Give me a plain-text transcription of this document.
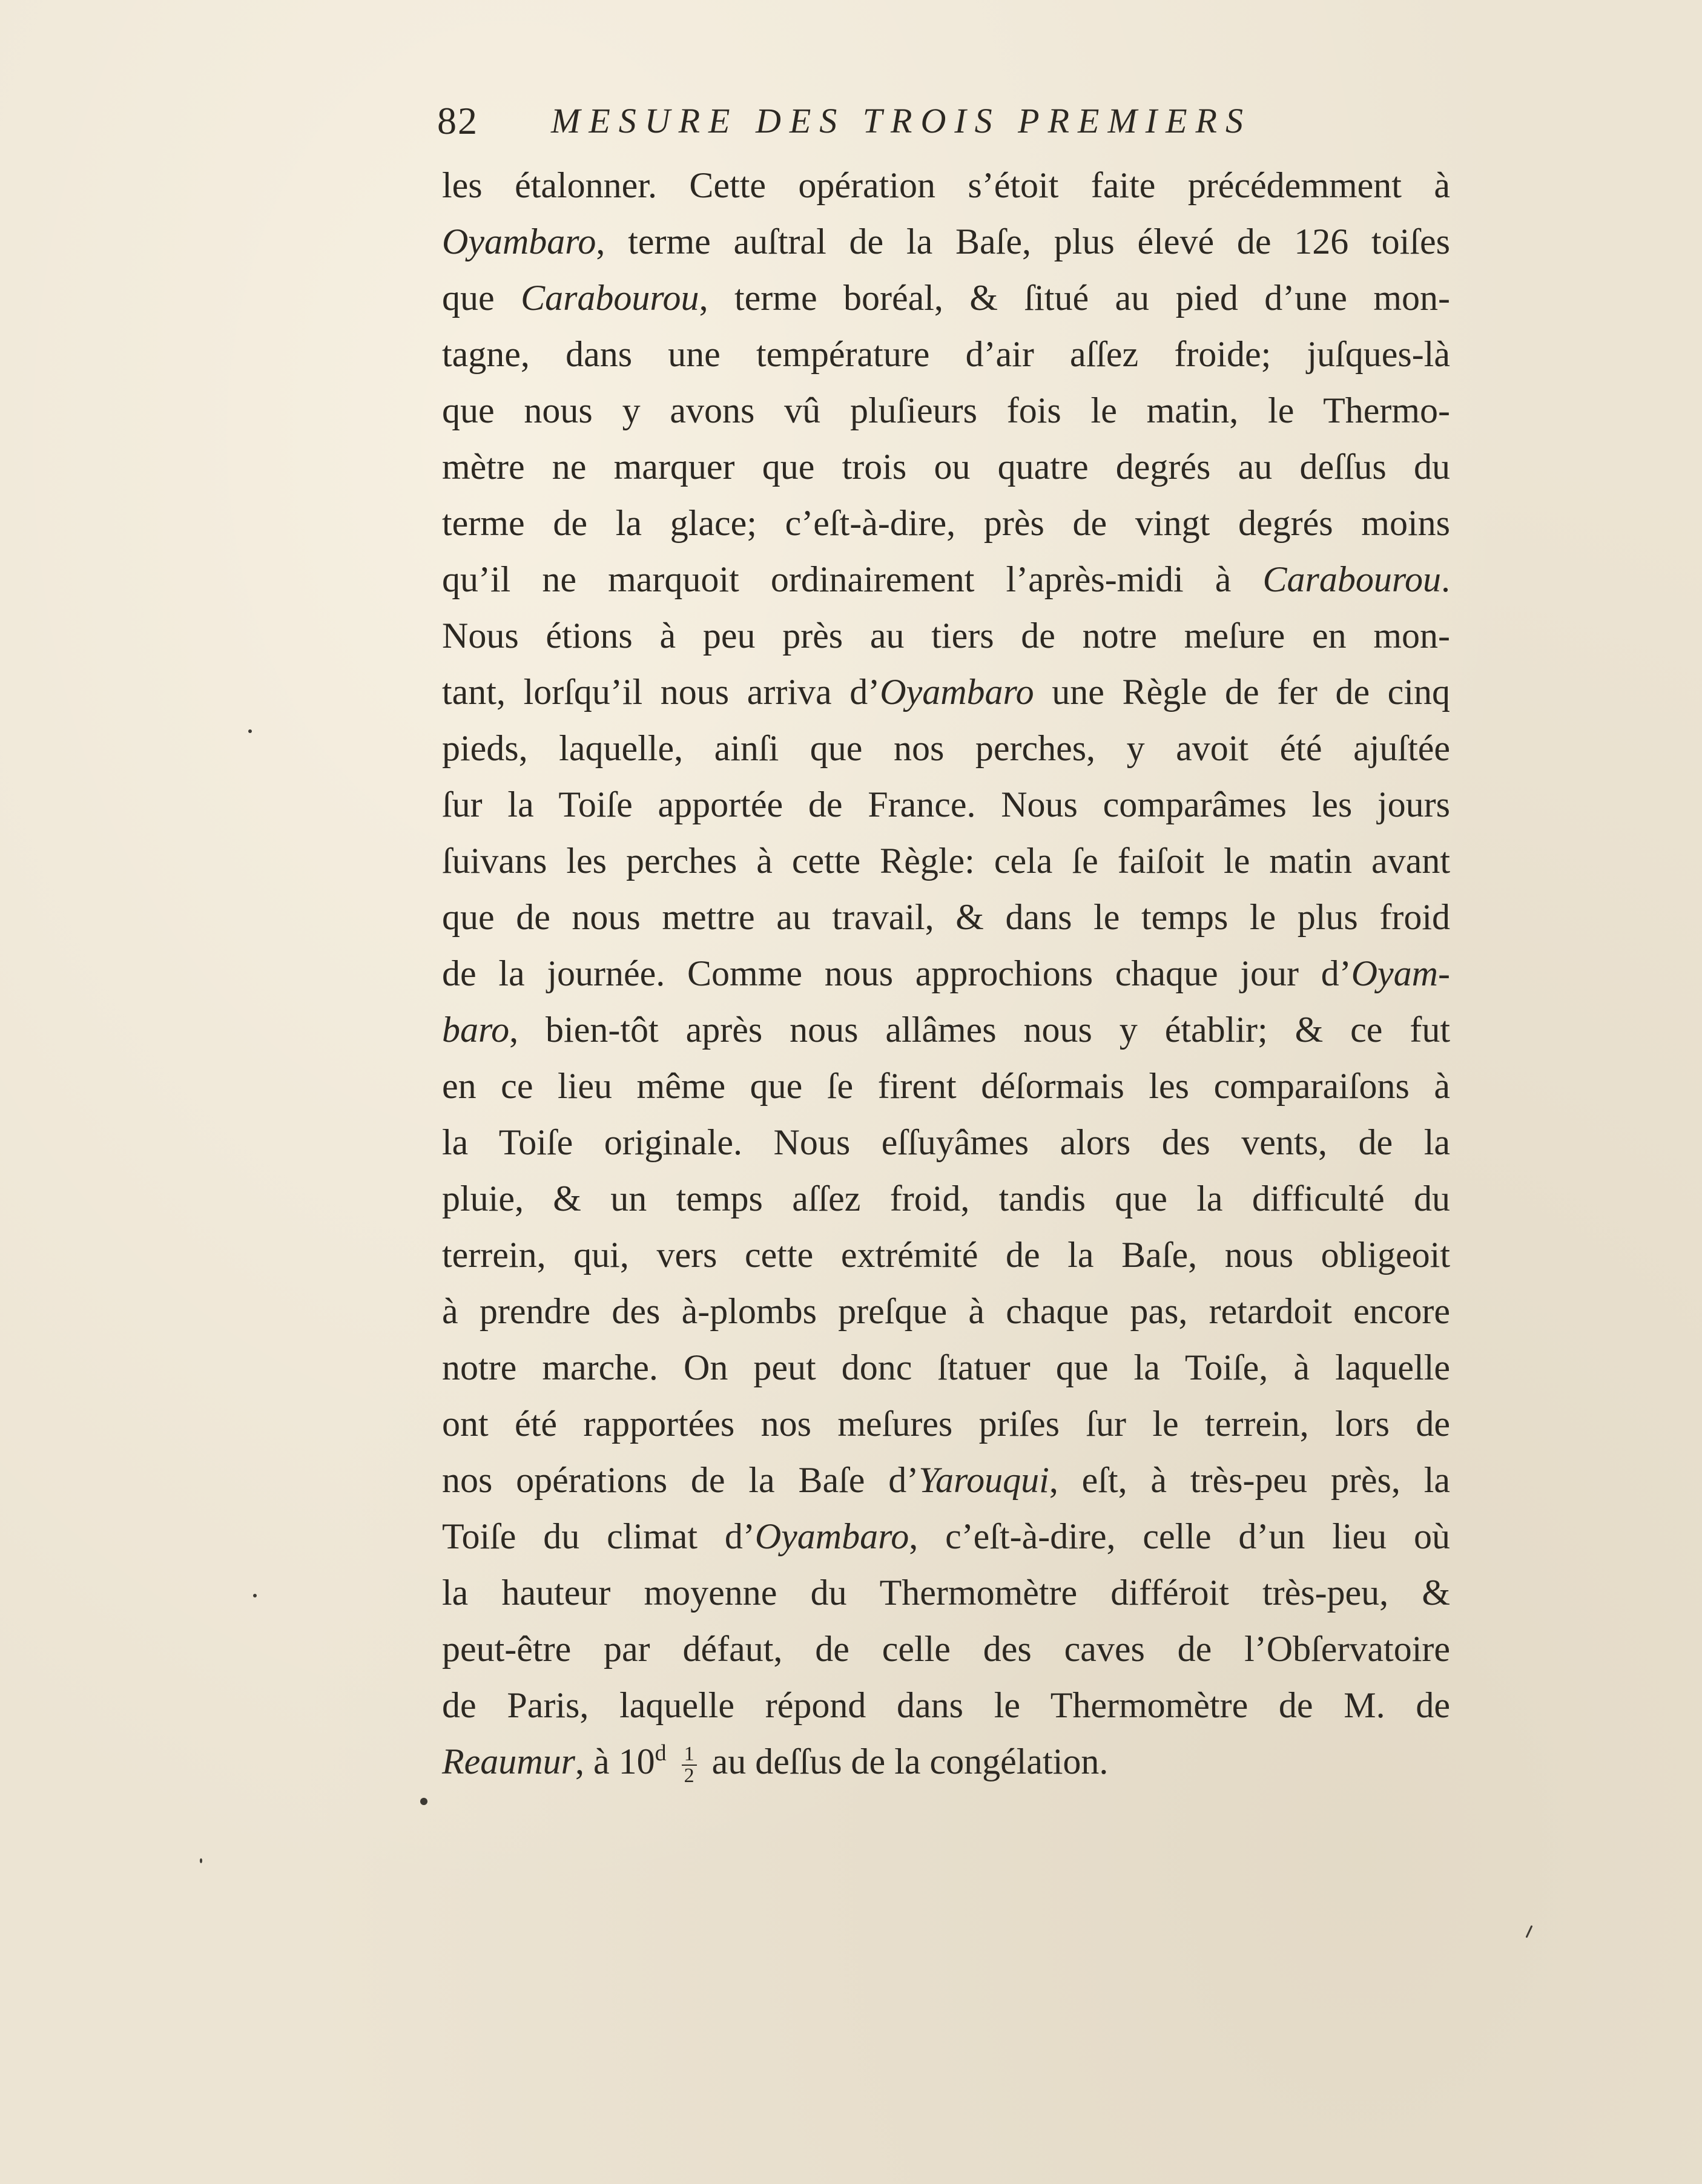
82 MESURE DES TROIS PREMIERS
les étalonner. Cette opération s’étoit faite précédemment à
Oyambaro, terme auſtral de la Baſe, plus élevé de 126 toiſes
que Carabourou, terme boréal, & ſitué au pied d’une mon-
tagne, dans une température d’air aſſez froide; juſques-là
que nous y avons vû pluſieurs fois le matin, le Thermo-
mètre ne marquer que trois ou quatre degrés au deſſus du
terme de la glace; c’eſt-à-dire, près de vingt degrés moins
qu’il ne marquoit ordinairement l’après-midi à Carabourou.
Nous étions à peu près au tiers de notre meſure en mon-
tant, lorſqu’il nous arriva d’Oyambaro une Règle de fer de cinq
pieds, laquelle, ainſi que nos perches, y avoit été ajuſtée
ſur la Toiſe apportée de France. Nous comparâmes les jours
ſuivans les perches à cette Règle: cela ſe faiſoit le matin avant
que de nous mettre au travail, & dans le temps le plus froid
de la journée. Comme nous approchions chaque jour d’Oyam-
baro, bien-tôt après nous allâmes nous y établir; & ce fut
en ce lieu même que ſe firent déſormais les comparaiſons à
la Toiſe originale. Nous eſſuyâmes alors des vents, de la
pluie, & un temps aſſez froid, tandis que la difficulté du
terrein, qui, vers cette extrémité de la Baſe, nous obligeoit
à prendre des à-plombs preſque à chaque pas, retardoit encore
notre marche. On peut donc ſtatuer que la Toiſe, à laquelle
ont été rapportées nos meſures priſes ſur le terrein, lors de
nos opérations de la Baſe d’Yarouqui, eſt, à très-peu près, la
Toiſe du climat d’Oyambaro, c’eſt-à-dire, celle d’un lieu où
la hauteur moyenne du Thermomètre différoit très-peu, &
peut-être par défaut, de celle des caves de l’Obſervatoire
de Paris, laquelle répond dans le Thermomètre de M. de
Reaumur, à $10^d \frac{1}{2}$ au deſſus de la congélation.
